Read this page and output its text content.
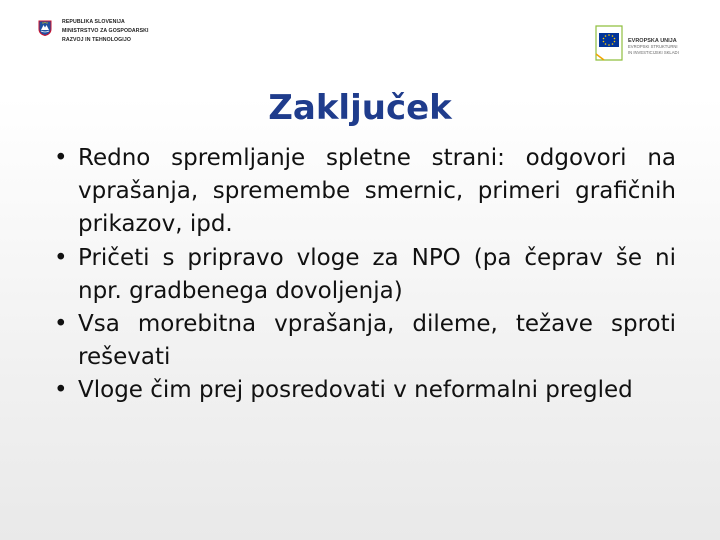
REPUBLIKA SLOVENIJA
MINISTRSTVO ZA GOSPODARSKI
RAZVOJ IN TEHNOLOGIJO	EVROPSKA UNIJA
EVROPSKI STRUKTURNI
IN INVESTICIJSKI SKLADI
Zaključek
• Redno spremljanje spletne strani: odgovori na vprašanja, spremembe smernic, primeri grafičnih prikazov, ipd.
• Pričeti s pripravo vloge za NPO (pa čeprav še ni npr. gradbenega dovoljenja)
• Vsa morebitna vprašanja, dileme, težave sproti reševati
• Vloge čim prej posredovati v neformalni pregled
